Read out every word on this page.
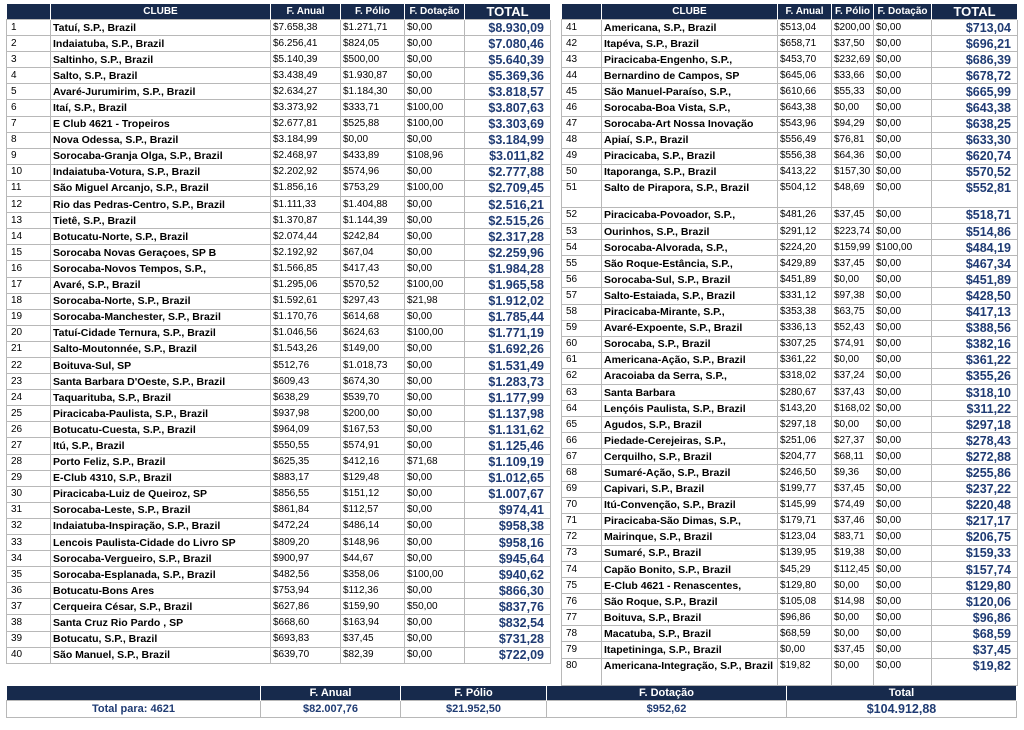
	CLUBE	F. Anual	F. Pólio	F. Dotação	TOTAL
1	Tatuí, S.P., Brazil	$7.658,38	$1.271,71	$0,00	$8.930,09
2	Indaiatuba, S.P., Brazil	$6.256,41	$824,05	$0,00	$7.080,46
3	Saltinho, S.P., Brazil	$5.140,39	$500,00	$0,00	$5.640,39
4	Salto, S.P., Brazil	$3.438,49	$1.930,87	$0,00	$5.369,36
5	Avaré-Jurumirim, S.P., Brazil	$2.634,27	$1.184,30	$0,00	$3.818,57
6	Itaí, S.P., Brazil	$3.373,92	$333,71	$100,00	$3.807,63
7	E Club 4621 - Tropeiros	$2.677,81	$525,88	$100,00	$3.303,69
8	Nova Odessa, S.P., Brazil	$3.184,99	$0,00	$0,00	$3.184,99
9	Sorocaba-Granja Olga, S.P., Brazil	$2.468,97	$433,89	$108,96	$3.011,82
10	Indaiatuba-Votura, S.P., Brazil	$2.202,92	$574,96	$0,00	$2.777,88
11	São Miguel Arcanjo, S.P., Brazil	$1.856,16	$753,29	$100,00	$2.709,45
12	Rio das Pedras-Centro, S.P., Brazil	$1.111,33	$1.404,88	$0,00	$2.516,21
13	Tietê, S.P., Brazil	$1.370,87	$1.144,39	$0,00	$2.515,26
14	Botucatu-Norte, S.P., Brazil	$2.074,44	$242,84	$0,00	$2.317,28
15	Sorocaba Novas Geraçoes, SP B	$2.192,92	$67,04	$0,00	$2.259,96
16	Sorocaba-Novos Tempos, S.P.,	$1.566,85	$417,43	$0,00	$1.984,28
17	Avaré, S.P., Brazil	$1.295,06	$570,52	$100,00	$1.965,58
18	Sorocaba-Norte, S.P., Brazil	$1.592,61	$297,43	$21,98	$1.912,02
19	Sorocaba-Manchester, S.P., Brazil	$1.170,76	$614,68	$0,00	$1.785,44
20	Tatuí-Cidade Ternura, S.P., Brazil	$1.046,56	$624,63	$100,00	$1.771,19
21	Salto-Moutonnée, S.P., Brazil	$1.543,26	$149,00	$0,00	$1.692,26
22	Boituva-Sul, SP	$512,76	$1.018,73	$0,00	$1.531,49
23	Santa Barbara D'Oeste, S.P., Brazil	$609,43	$674,30	$0,00	$1.283,73
24	Taquarituba, S.P., Brazil	$638,29	$539,70	$0,00	$1.177,99
25	Piracicaba-Paulista, S.P., Brazil	$937,98	$200,00	$0,00	$1.137,98
26	Botucatu-Cuesta, S.P., Brazil	$964,09	$167,53	$0,00	$1.131,62
27	Itú, S.P., Brazil	$550,55	$574,91	$0,00	$1.125,46
28	Porto Feliz, S.P., Brazil	$625,35	$412,16	$71,68	$1.109,19
29	E-Club 4310, S.P., Brazil	$883,17	$129,48	$0,00	$1.012,65
30	Piracicaba-Luiz de Queiroz, SP	$856,55	$151,12	$0,00	$1.007,67
31	Sorocaba-Leste, S.P., Brazil	$861,84	$112,57	$0,00	$974,41
32	Indaiatuba-Inspiração, S.P., Brazil	$472,24	$486,14	$0,00	$958,38
33	Lencois Paulista-Cidade do Livro SP	$809,20	$148,96	$0,00	$958,16
34	Sorocaba-Vergueiro, S.P., Brazil	$900,97	$44,67	$0,00	$945,64
35	Sorocaba-Esplanada, S.P., Brazil	$482,56	$358,06	$100,00	$940,62
36	Botucatu-Bons Ares	$753,94	$112,36	$0,00	$866,30
37	Cerqueira César, S.P., Brazil	$627,86	$159,90	$50,00	$837,76
38	Santa Cruz Rio Pardo , SP	$668,60	$163,94	$0,00	$832,54
39	Botucatu, S.P., Brazil	$693,83	$37,45	$0,00	$731,28
40	São Manuel, S.P., Brazil	$639,70	$82,39	$0,00	$722,09
	CLUBE	F. Anual	F. Pólio	F. Dotação	TOTAL
41	Americana, S.P., Brazil	$513,04	$200,00	$0,00	$713,04
42	Itapéva, S.P., Brazil	$658,71	$37,50	$0,00	$696,21
43	Piracicaba-Engenho, S.P.,	$453,70	$232,69	$0,00	$686,39
44	Bernardino de Campos, SP	$645,06	$33,66	$0,00	$678,72
45	São Manuel-Paraíso, S.P.,	$610,66	$55,33	$0,00	$665,99
46	Sorocaba-Boa Vista, S.P.,	$643,38	$0,00	$0,00	$643,38
47	Sorocaba-Art Nossa Inovação	$543,96	$94,29	$0,00	$638,25
48	Apiaí, S.P., Brazil	$556,49	$76,81	$0,00	$633,30
49	Piracicaba, S.P., Brazil	$556,38	$64,36	$0,00	$620,74
50	Itaporanga, S.P., Brazil	$413,22	$157,30	$0,00	$570,52
51	Salto de Pirapora, S.P., Brazil	$504,12	$48,69	$0,00	$552,81
52	Piracicaba-Povoador, S.P.,	$481,26	$37,45	$0,00	$518,71
53	Ourinhos, S.P., Brazil	$291,12	$223,74	$0,00	$514,86
54	Sorocaba-Alvorada, S.P.,	$224,20	$159,99	$100,00	$484,19
55	São Roque-Estância, S.P.,	$429,89	$37,45	$0,00	$467,34
56	Sorocaba-Sul, S.P., Brazil	$451,89	$0,00	$0,00	$451,89
57	Salto-Estaiada, S.P., Brazil	$331,12	$97,38	$0,00	$428,50
58	Piracicaba-Mirante, S.P.,	$353,38	$63,75	$0,00	$417,13
59	Avaré-Expoente, S.P., Brazil	$336,13	$52,43	$0,00	$388,56
60	Sorocaba, S.P., Brazil	$307,25	$74,91	$0,00	$382,16
61	Americana-Ação, S.P., Brazil	$361,22	$0,00	$0,00	$361,22
62	Aracoiaba da Serra, S.P.,	$318,02	$37,24	$0,00	$355,26
63	Santa Barbara	$280,67	$37,43	$0,00	$318,10
64	Lençóis Paulista, S.P., Brazil	$143,20	$168,02	$0,00	$311,22
65	Agudos, S.P., Brazil	$297,18	$0,00	$0,00	$297,18
66	Piedade-Cerejeiras, S.P.,	$251,06	$27,37	$0,00	$278,43
67	Cerquilho, S.P., Brazil	$204,77	$68,11	$0,00	$272,88
68	Sumaré-Ação, S.P., Brazil	$246,50	$9,36	$0,00	$255,86
69	Capivari, S.P., Brazil	$199,77	$37,45	$0,00	$237,22
70	Itú-Convenção, S.P., Brazil	$145,99	$74,49	$0,00	$220,48
71	Piracicaba-São Dimas, S.P.,	$179,71	$37,46	$0,00	$217,17
72	Mairinque, S.P., Brazil	$123,04	$83,71	$0,00	$206,75
73	Sumaré, S.P., Brazil	$139,95	$19,38	$0,00	$159,33
74	Capão Bonito, S.P., Brazil	$45,29	$112,45	$0,00	$157,74
75	E-Club 4621 - Renascentes,	$129,80	$0,00	$0,00	$129,80
76	São Roque, S.P., Brazil	$105,08	$14,98	$0,00	$120,06
77	Boituva, S.P., Brazil	$96,86	$0,00	$0,00	$96,86
78	Macatuba, S.P., Brazil	$68,59	$0,00	$0,00	$68,59
79	Itapetininga, S.P., Brazil	$0,00	$37,45	$0,00	$37,45
80	Americana-Integração, S.P., Brazil	$19,82	$0,00	$0,00	$19,82
	F. Anual	F. Pólio	F. Dotação	Total
Total para: 4621	$82.007,76	$21.952,50	$952,62	$104.912,88
